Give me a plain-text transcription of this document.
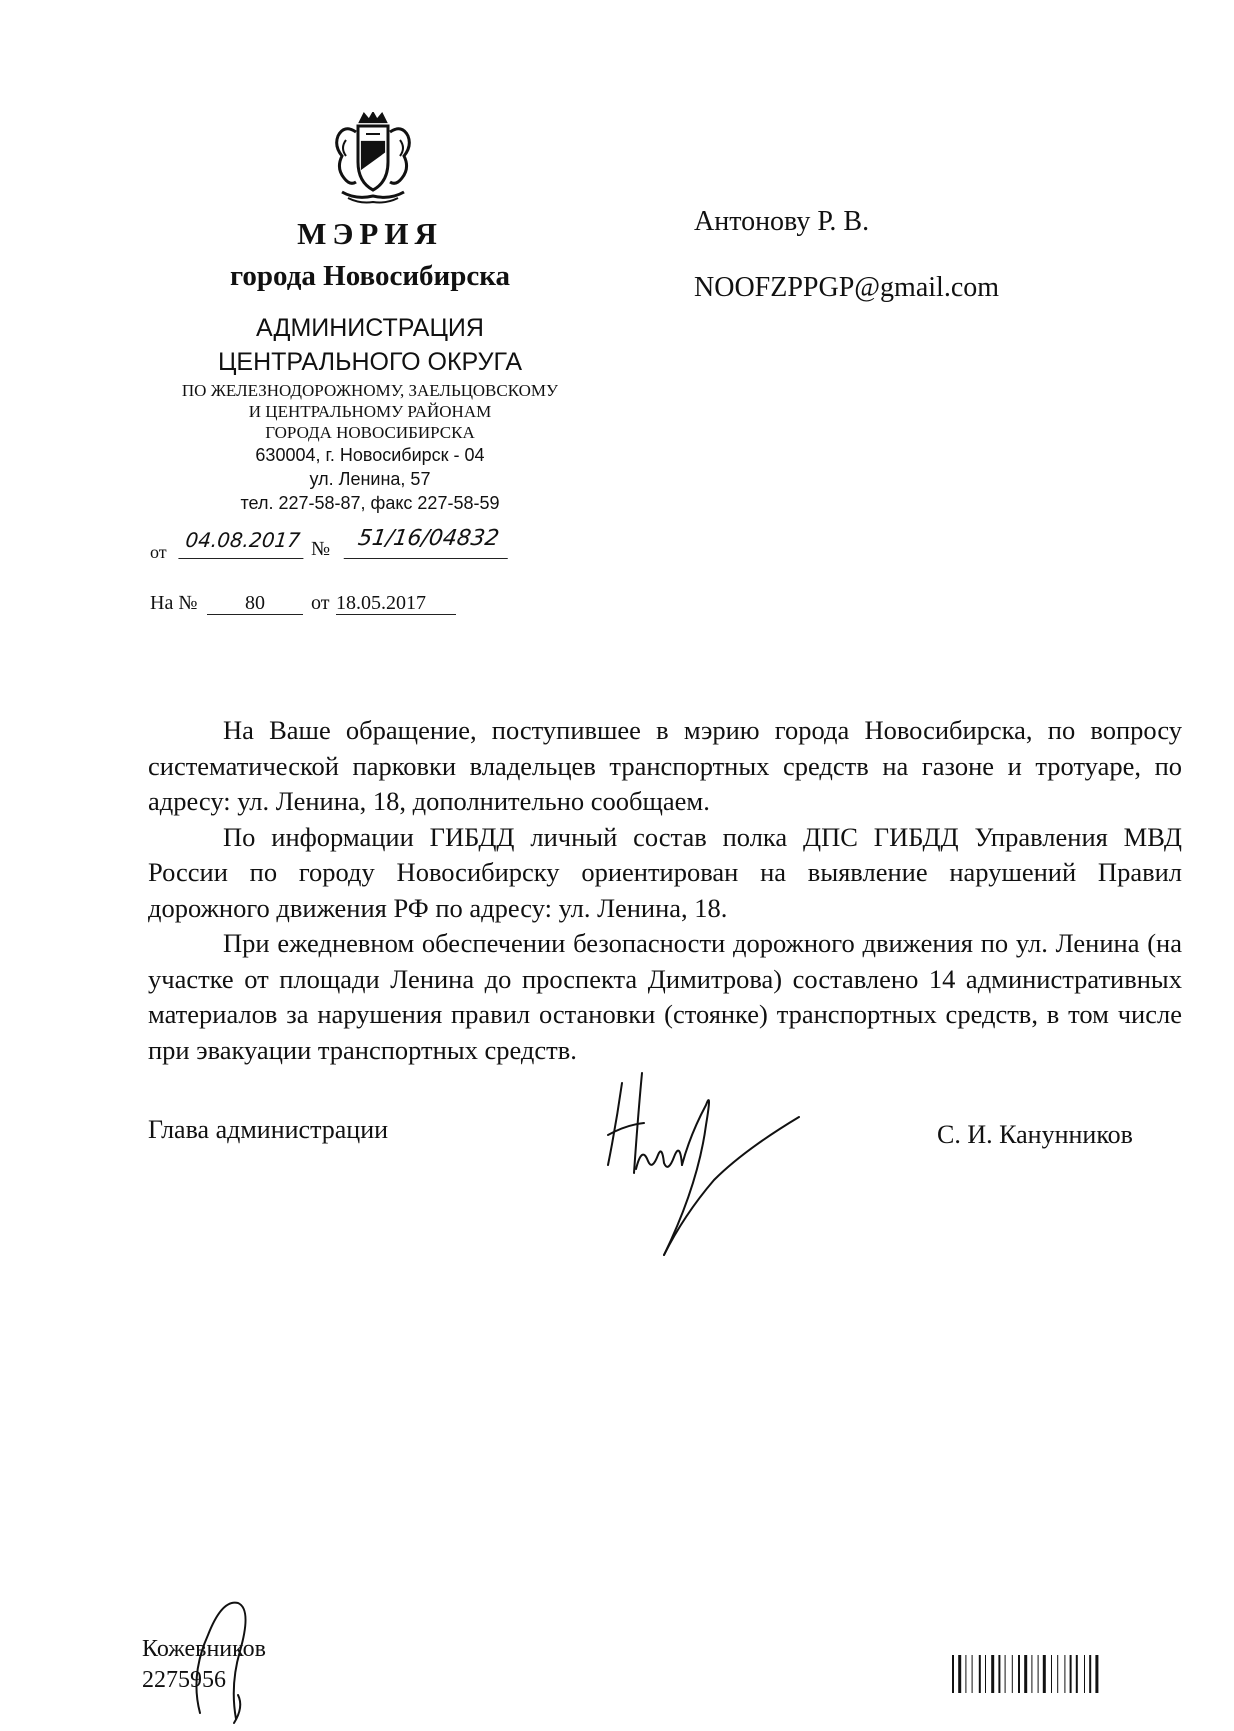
МЭРИЯ
города Новосибирска
АДМИНИСТРАЦИЯ
ЦЕНТРАЛЬНОГО ОКРУГА
ПО ЖЕЛЕЗНОДОРОЖНОМУ, ЗАЕЛЬЦОВСКОМУ
И ЦЕНТРАЛЬНОМУ РАЙОНАМ
ГОРОДА НОВОСИБИРСКА
630004, г. Новосибирск - 04
ул. Ленина, 57
тел. 227-58-87, факс 227-58-59
от 04.08.2017 №	51/16/04832
На №	80	от 18.05.2017
Антонову Р. В.
NOOFZPPGP@gmail.com

На Ваше обращение, поступившее в мэрию города Новосибирска, по вопросу систематической парковки владельцев транспортных средств на газоне и тротуаре, по адресу: ул. Ленина, 18, дополнительно сообщаем.

По информации ГИБДД личный состав полка ДПС ГИБДД Управления МВД России по городу Новосибирску ориентирован на выявление нарушений Правил дорожного движения РФ по адресу: ул. Ленина, 18.

При ежедневном обеспечении безопасности дорожного движения по ул. Ленина (на участке от площади Ленина до проспекта Димитрова) составлено 14 административных материалов за нарушения правил остановки (стоянке) транспортных средств, в том числе при эвакуации транспортных средств.

Глава администрации	С. И. Канунников
Кожевников
2275956
